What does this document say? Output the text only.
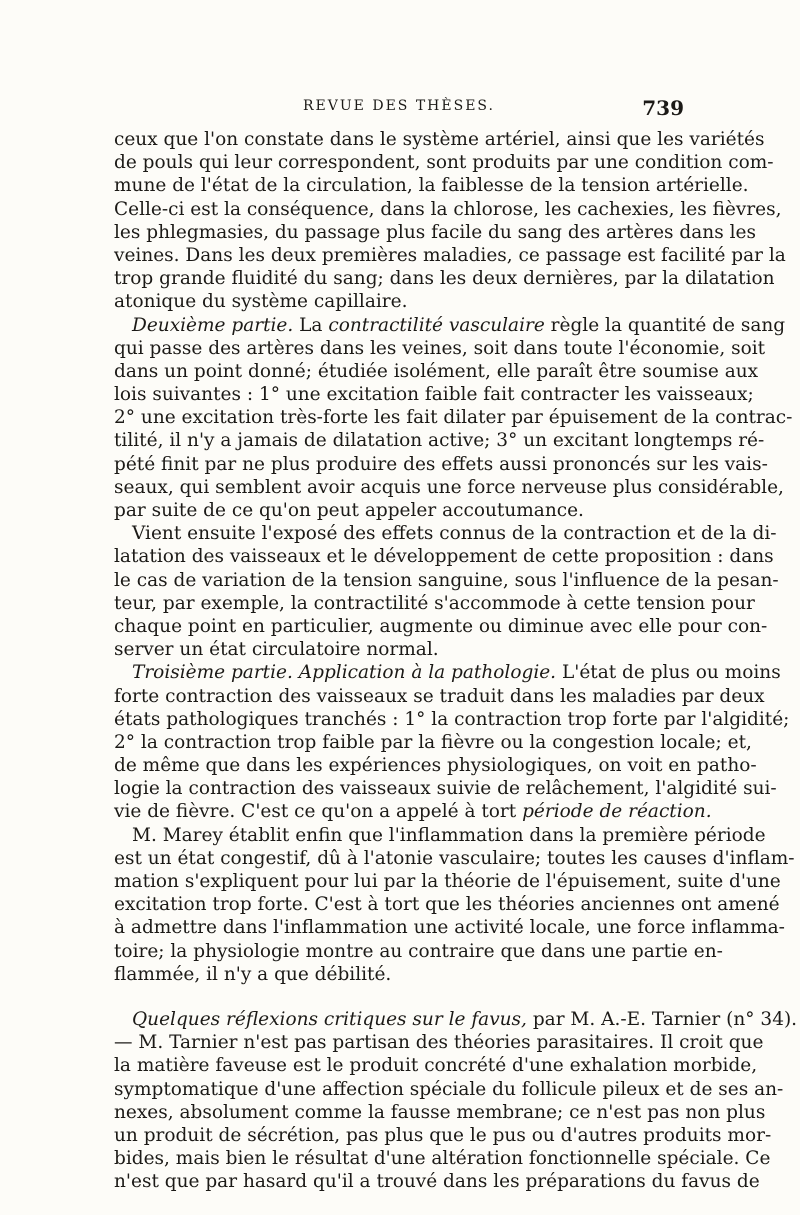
REVUE DES THÈSES.	739
ceux que l'on constate dans le système artériel, ainsi que les variétés
de pouls qui leur correspondent, sont produits par une condition com-
mune de l'état de la circulation, la faiblesse de la tension artérielle.
Celle-ci est la conséquence, dans la chlorose, les cachexies, les fièvres,
les phlegmasies, du passage plus facile du sang des artères dans les
veines. Dans les deux premières maladies, ce passage est facilité par la
trop grande fluidité du sang; dans les deux dernières, par la dilatation
atonique du système capillaire.
Deuxième partie. La contractilité vasculaire règle la quantité de sang
qui passe des artères dans les veines, soit dans toute l'économie, soit
dans un point donné; étudiée isolément, elle paraît être soumise aux
lois suivantes : 1° une excitation faible fait contracter les vaisseaux;
2° une excitation très-forte les fait dilater par épuisement de la contrac-
tilité, il n'y a jamais de dilatation active; 3° un excitant longtemps ré-
pété finit par ne plus produire des effets aussi prononcés sur les vais-
seaux, qui semblent avoir acquis une force nerveuse plus considérable,
par suite de ce qu'on peut appeler accoutumance.
Vient ensuite l'exposé des effets connus de la contraction et de la di-
latation des vaisseaux et le développement de cette proposition : dans
le cas de variation de la tension sanguine, sous l'influence de la pesan-
teur, par exemple, la contractilité s'accommode à cette tension pour
chaque point en particulier, augmente ou diminue avec elle pour con-
server un état circulatoire normal.
Troisième partie. Application à la pathologie. L'état de plus ou moins
forte contraction des vaisseaux se traduit dans les maladies par deux
états pathologiques tranchés : 1° la contraction trop forte par l'algidité;
2° la contraction trop faible par la fièvre ou la congestion locale; et,
de même que dans les expériences physiologiques, on voit en patho-
logie la contraction des vaisseaux suivie de relâchement, l'algidité sui-
vie de fièvre. C'est ce qu'on a appelé à tort période de réaction.
M. Marey établit enfin que l'inflammation dans la première période
est un état congestif, dû à l'atonie vasculaire; toutes les causes d'inflam-
mation s'expliquent pour lui par la théorie de l'épuisement, suite d'une
excitation trop forte. C'est à tort que les théories anciennes ont amené
à admettre dans l'inflammation une activité locale, une force inflamma-
toire; la physiologie montre au contraire que dans une partie en-
flammée, il n'y a que débilité.
Quelques réflexions critiques sur le favus, par M. A.-E. Tarnier (n° 34).
— M. Tarnier n'est pas partisan des théories parasitaires. Il croit que
la matière faveuse est le produit concrété d'une exhalation morbide,
symptomatique d'une affection spéciale du follicule pileux et de ses an-
nexes, absolument comme la fausse membrane; ce n'est pas non plus
un produit de sécrétion, pas plus que le pus ou d'autres produits mor-
bides, mais bien le résultat d'une altération fonctionnelle spéciale. Ce
n'est que par hasard qu'il a trouvé dans les préparations du favus de
